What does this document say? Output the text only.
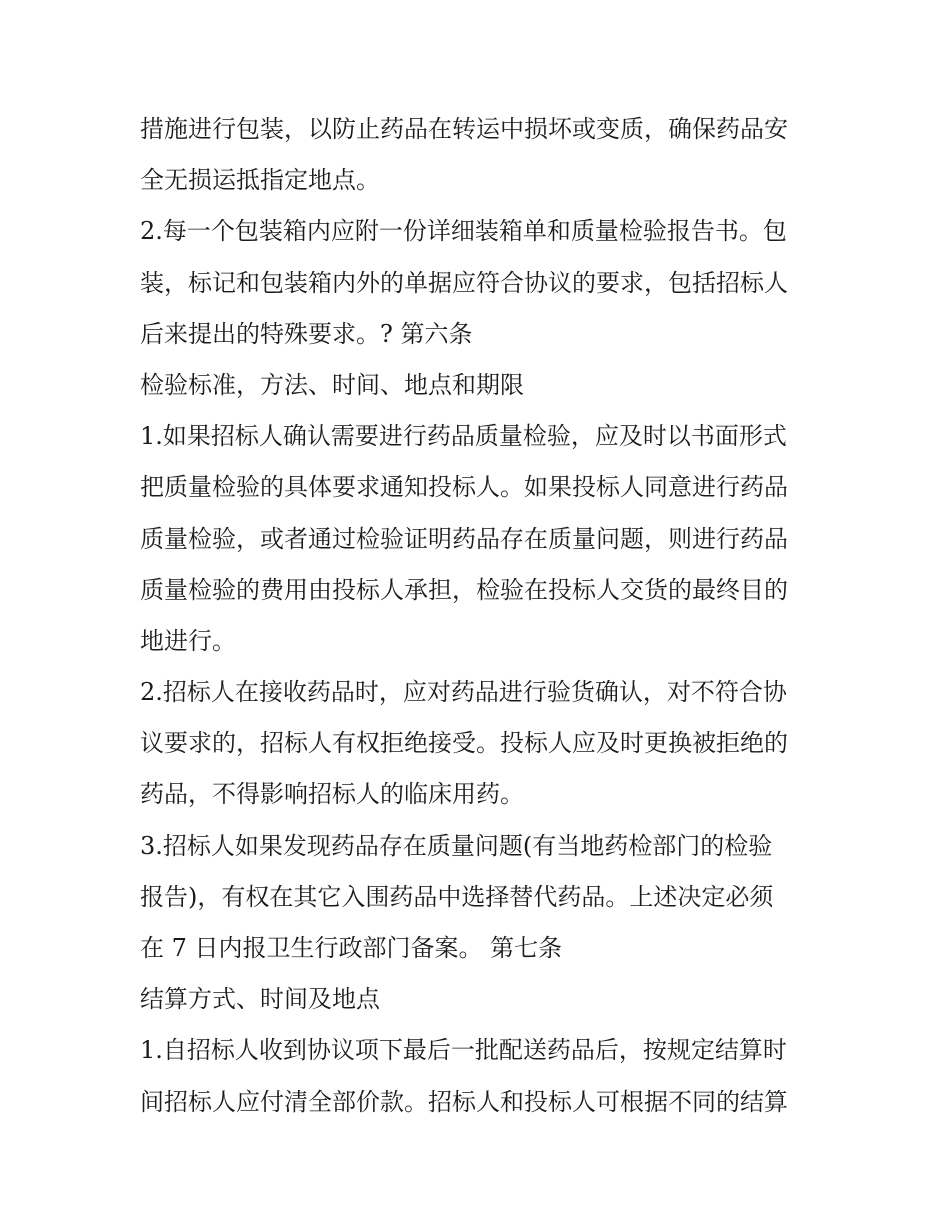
措施进行包装，以防止药品在转运中损坏或变质，确保药品安
全无损运抵指定地点。
2.每一个包装箱内应附一份详细装箱单和质量检验报告书。包
装，标记和包装箱内外的单据应符合协议的要求，包括招标人
后来提出的特殊要求。? 第六条
检验标准，方法、时间、地点和期限
1.如果招标人确认需要进行药品质量检验，应及时以书面形式
把质量检验的具体要求通知投标人。如果投标人同意进行药品
质量检验，或者通过检验证明药品存在质量问题，则进行药品
质量检验的费用由投标人承担，检验在投标人交货的最终目的
地进行。
2.招标人在接收药品时，应对药品进行验货确认，对不符合协
议要求的，招标人有权拒绝接受。投标人应及时更换被拒绝的
药品，不得影响招标人的临床用药。
3.招标人如果发现药品存在质量问题(有当地药检部门的检验
报告)，有权在其它入围药品中选择替代药品。上述决定必须
在 7 日内报卫生行政部门备案。 第七条
结算方式、时间及地点
1.自招标人收到协议项下最后一批配送药品后，按规定结算时
间招标人应付清全部价款。招标人和投标人可根据不同的结算
